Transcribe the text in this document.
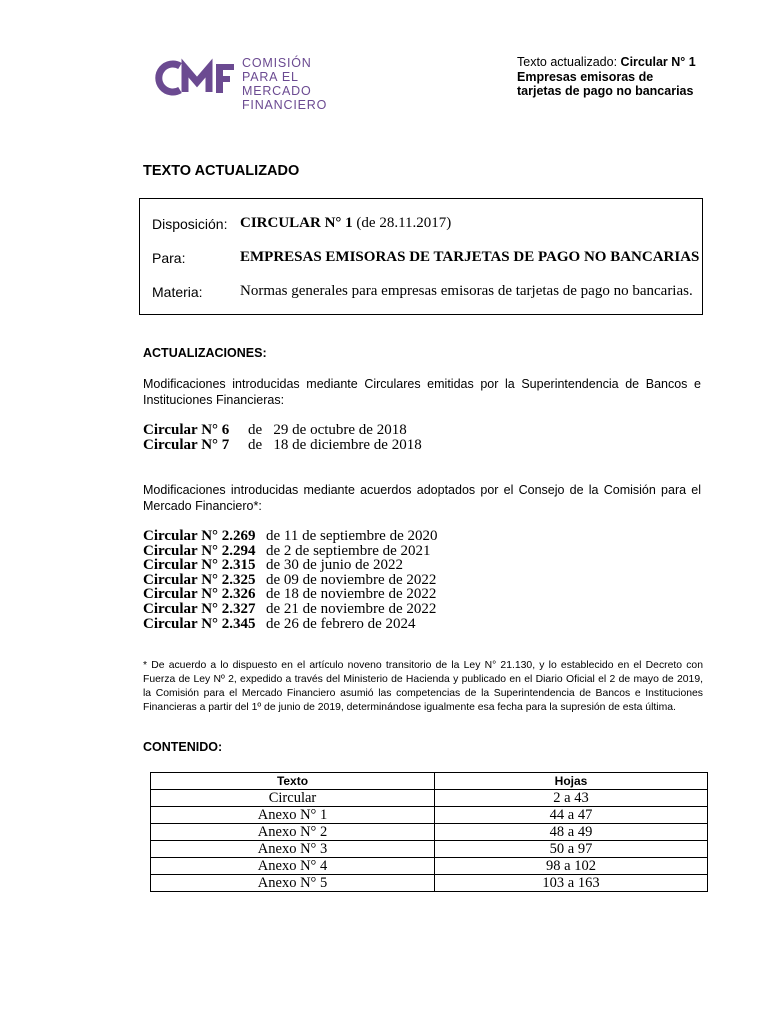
COMISIÓN
PARA EL MERCADO
FINANCIERO
Texto actualizado: Circular N° 1
Empresas emisoras de
tarjetas de pago no bancarias
TEXTO ACTUALIZADO
Disposición: CIRCULAR N° 1 (de 28.11.2017)
Para:	EMPRESAS EMISORAS DE TARJETAS DE PAGO NO BANCARIAS
Materia: Normas generales para empresas emisoras de tarjetas de pago no bancarias.
ACTUALIZACIONES:
Modificaciones introducidas mediante Circulares emitidas por la Superintendencia de Bancos e Instituciones Financieras:
Circular N° 6 de   29 de octubre de 2018
Circular N° 7 de   18 de diciembre de 2018
Modificaciones introducidas mediante acuerdos adoptados por el Consejo de la Comisión para el Mercado Financiero*:
Circular N° 2.269 de 11 de septiembre de 2020
Circular N° 2.294 de 2 de septiembre de 2021
Circular N° 2.315 de 30 de junio de 2022
Circular N° 2.325 de 09 de noviembre de 2022
Circular N° 2.326 de 18 de noviembre de 2022
Circular N° 2.327 de 21 de noviembre de 2022
Circular N° 2.345 de 26 de febrero de 2024
* De acuerdo a lo dispuesto en el artículo noveno transitorio de la Ley N° 21.130, y lo establecido en el Decreto con Fuerza de Ley Nº 2, expedido a través del Ministerio de Hacienda y publicado en el Diario Oficial el 2 de mayo de 2019, la Comisión para el Mercado Financiero asumió las competencias de la Superintendencia de Bancos e Instituciones Financieras a partir del 1º de junio de 2019, determinándose igualmente esa fecha para la supresión de esta última.
CONTENIDO:
Texto	Hojas
Circular	2 a 43
Anexo N° 1	44 a 47
Anexo N° 2	48 a 49
Anexo N° 3	50 a 97
Anexo N° 4	98 a 102
Anexo N° 5	103 a 163
